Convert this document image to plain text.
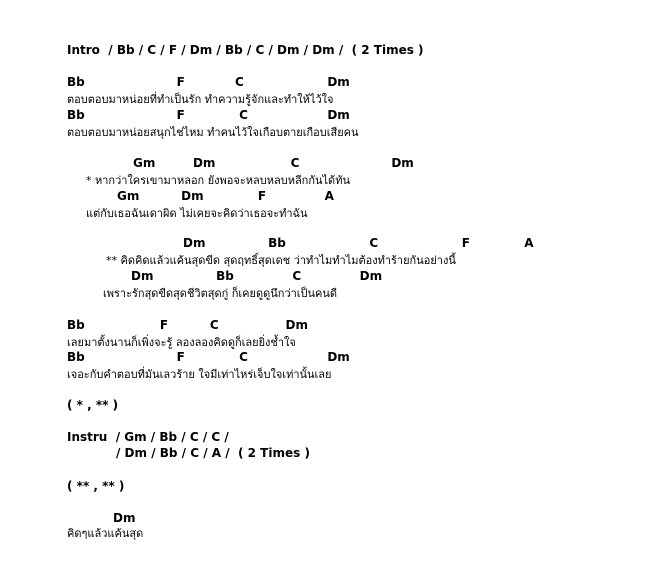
Intro  / Bb / C / F / Dm / Bb / C / Dm / Dm /  ( 2 Times )
Bb                      F            C                    Dm
ตอบตอบมาหน่อยที่ทำเป็นรัก ทำความรู้จักและทำให้ไว้ใจ
Bb                      F             C                   Dm
ตอบตอบมาหน่อยสนุกไช่ไหม ทำคนไว้ใจเกือบตายเกือบเสียคน
Gm         Dm                  C                      Dm
* หากว่าใครเขามาหลอก ยังพอจะหลบหลบหลีกกันได้ทัน
Gm          Dm             F              A
แต่กับเธอฉันเดาผิด ไม่เคยจะคิดว่าเธอจะทำฉัน
Dm               Bb                    C                    F             A
** คิดคิดแล้วแค้นสุดขีด สุดฤทธิ์สุดเดช ว่าทำไมทำไมต้องทำร้ายกันอย่างนี้
Dm               Bb              C              Dm
เพราะรักสุดขีดสุดชีวิตสุดกู่ ก็เคยดูดูนึกว่าเป็นคนดี
Bb                  F          C                Dm
เลยมาตั้งนานก็เพิ่งจะรู้ ลองลองคิดดูก็เลยยิ่งช้ำใจ
Bb                      F             C                   Dm
เจอะกับคำตอบที่มันเลวร้าย ใจมีเท่าไหร่เจ็บใจเท่านั้นเลย
( * , ** )
Instru  / Gm / Bb / C / C /
/ Dm / Bb / C / A /  ( 2 Times )
( ** , ** )
Dm
คิดๆแล้วแค้นสุด
